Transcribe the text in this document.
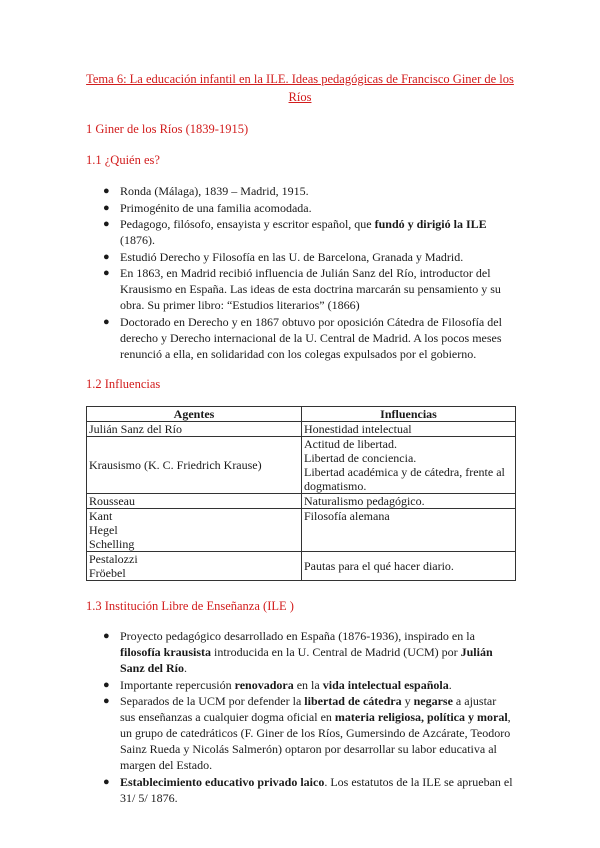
Tema 6: La educación infantil en la ILE. Ideas pedagógicas de Francisco Giner de los Ríos
1 Giner de los Ríos (1839-1915)
1.1 ¿Quién es?
● Ronda (Málaga), 1839 – Madrid, 1915.
● Primogénito de una familia acomodada.
● Pedagogo, filósofo, ensayista y escritor español, que fundó y dirigió la ILE (1876).
● Estudió Derecho y Filosofía en las U. de Barcelona, Granada y Madrid.
● En 1863, en Madrid recibió influencia de Julián Sanz del Río, introductor del Krausismo en España. Las ideas de esta doctrina marcarán su pensamiento y su obra. Su primer libro: “Estudios literarios” (1866)
● Doctorado en Derecho y en 1867 obtuvo por oposición Cátedra de Filosofía del derecho y Derecho internacional de la U. Central de Madrid. A los pocos meses renunció a ella, en solidaridad con los colegas expulsados por el gobierno.
1.2 Influencias
Agentes	Influencias

Julián Sanz del Río	Honestidad intelectual

Krausismo (K. C. Friedrich Krause)	Actitud de libertad.
Libertad de conciencia.
Libertad académica y de cátedra, frente al dogmatismo.

Rousseau	Naturalismo pedagógico.

Kant
Hegel
Schelling	Filosofía alemana

Pestalozzi
Fröebel	Pautas para el qué hacer diario.
1.3 Institución Libre de Enseñanza (ILE )
● Proyecto pedagógico desarrollado en España (1876-1936), inspirado en la filosofía krausista introducida en la U. Central de Madrid (UCM) por Julián Sanz del Río.
● Importante repercusión renovadora en la vida intelectual española.
● Separados de la UCM por defender la libertad de cátedra y negarse a ajustar sus enseñanzas a cualquier dogma oficial en materia religiosa, política y moral, un grupo de catedráticos (F. Giner de los Ríos, Gumersindo de Azcárate, Teodoro Sainz Rueda y Nicolás Salmerón) optaron por desarrollar su labor educativa al margen del Estado.
● Establecimiento educativo privado laico. Los estatutos de la ILE se aprueban el 31/ 5/ 1876.
